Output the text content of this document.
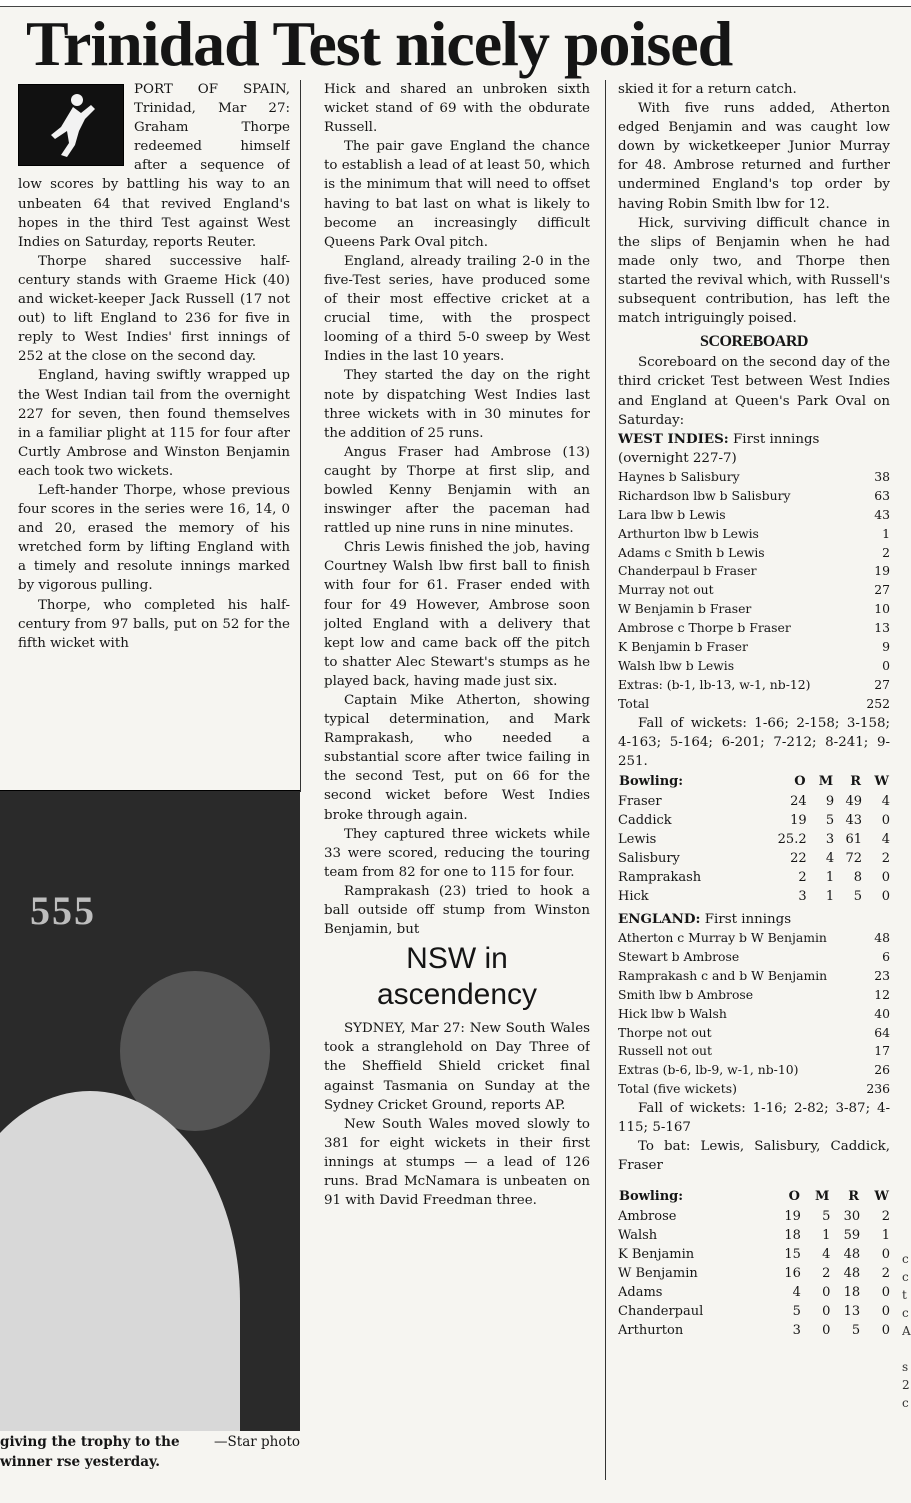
Trinidad Test nicely poised

PORT OF SPAIN, Trinidad, Mar 27: Graham Thorpe redeemed himself after a sequence of low scores by battling his way to an unbeaten 64 that revived England's hopes in the third Test against West Indies on Saturday, reports Reuter.

Thorpe shared successive half-century stands with Graeme Hick (40) and wicket-keeper Jack Russell (17 not out) to lift England to 236 for five in reply to West Indies' first innings of 252 at the close on the second day.

England, having swiftly wrapped up the West Indian tail from the overnight 227 for seven, then found themselves in a familiar plight at 115 for four after Curtly Ambrose and Winston Benjamin each took two wickets.

Left-hander Thorpe, whose previous four scores in the series were 16, 14, 0 and 20, erased the memory of his wretched form by lifting England with a timely and resolute innings marked by vigorous pulling.

Thorpe, who completed his half-century from 97 balls, put on 52 for the fifth wicket with

555
—Star photo
giving the trophy to the winner rse yesterday.

Hick and shared an unbroken sixth wicket stand of 69 with the obdurate Russell.

The pair gave England the chance to establish a lead of at least 50, which is the minimum that will need to offset having to bat last on what is likely to become an increasingly difficult Queens Park Oval pitch.

England, already trailing 2-0 in the five-Test series, have produced some of their most effective cricket at a crucial time, with the prospect looming of a third 5-0 sweep by West Indies in the last 10 years.

They started the day on the right note by dispatching West Indies last three wickets with in 30 minutes for the addition of 25 runs.

Angus Fraser had Ambrose (13) caught by Thorpe at first slip, and bowled Kenny Benjamin with an inswinger after the paceman had rattled up nine runs in nine minutes.

Chris Lewis finished the job, having Courtney Walsh lbw first ball to finish with four for 61. Fraser ended with four for 49 However, Ambrose soon jolted England with a delivery that kept low and came back off the pitch to shatter Alec Stewart's stumps as he played back, having made just six.

Captain Mike Atherton, showing typical determination, and Mark Ramprakash, who needed a substantial score after twice failing in the second Test, put on 66 for the second wicket before West Indies broke through again.

They captured three wickets while 33 were scored, reducing the touring team from 82 for one to 115 for four.

Ramprakash (23) tried to hook a ball outside off stump from Winston Benjamin, but

NSW in ascendency

SYDNEY, Mar 27: New South Wales took a stranglehold on Day Three of the Sheffield Shield cricket final against Tasmania on Sunday at the Sydney Cricket Ground, reports AP.

New South Wales moved slowly to 381 for eight wickets in their first innings at stumps — a lead of 126 runs. Brad McNamara is unbeaten on 91 with David Freedman three.

skied it for a return catch.

With five runs added, Atherton edged Benjamin and was caught low down by wicketkeeper Junior Murray for 48. Ambrose returned and further undermined England's top order by having Robin Smith lbw for 12.

Hick, surviving difficult chance in the slips of Benjamin when he had made only two, and Thorpe then started the revival which, with Russell's subsequent contribution, has left the match intriguingly poised.

SCOREBOARD

Scoreboard on the second day of the third cricket Test between West Indies and England at Queen's Park Oval on Saturday:

WEST INDIES: First innings (overnight 227-7)
Haynes b Salisbury	38
Richardson lbw b Salisbury	63
Lara lbw b Lewis	43
Arthurton lbw b Lewis	1
Adams c Smith b Lewis	2
Chanderpaul b Fraser	19
Murray not out	27
W Benjamin b Fraser	10
Ambrose c Thorpe b Fraser	13
K Benjamin b Fraser	9
Walsh lbw b Lewis	0
Extras: (b-1, lb-13, w-1, nb-12)	27
Total	252

Fall of wickets: 1-66; 2-158; 3-158; 4-163; 5-164; 6-201; 7-212; 8-241; 9-251.

Bowling:	O	M	R	W
Fraser	24	9	49	4
Caddick	19	5	43	0
Lewis	25.2	3	61	4
Salisbury	22	4	72	2
Ramprakash	2	1	8	0
Hick	3	1	5	0
ENGLAND: First innings
Atherton c Murray b W Benjamin	48
Stewart b Ambrose	6
Ramprakash c and b W Benjamin	23
Smith lbw b Ambrose	12
Hick lbw b Walsh	40
Thorpe not out	64
Russell not out	17
Extras (b-6, lb-9, w-1, nb-10)	26
Total (five wickets)	236

Fall of wickets: 1-16; 2-82; 3-87; 4-115; 5-167

To bat: Lewis, Salisbury, Caddick, Fraser

Bowling:	O	M	R	W
Ambrose	19	5	30	2
Walsh	18	1	59	1
K Benjamin	15	4	48	0
W Benjamin	16	2	48	2
Adams	4	0	18	0
Chanderpaul	5	0	13	0
Arthurton	3	0	5	0
c
c
t
c
A

s
2
c
